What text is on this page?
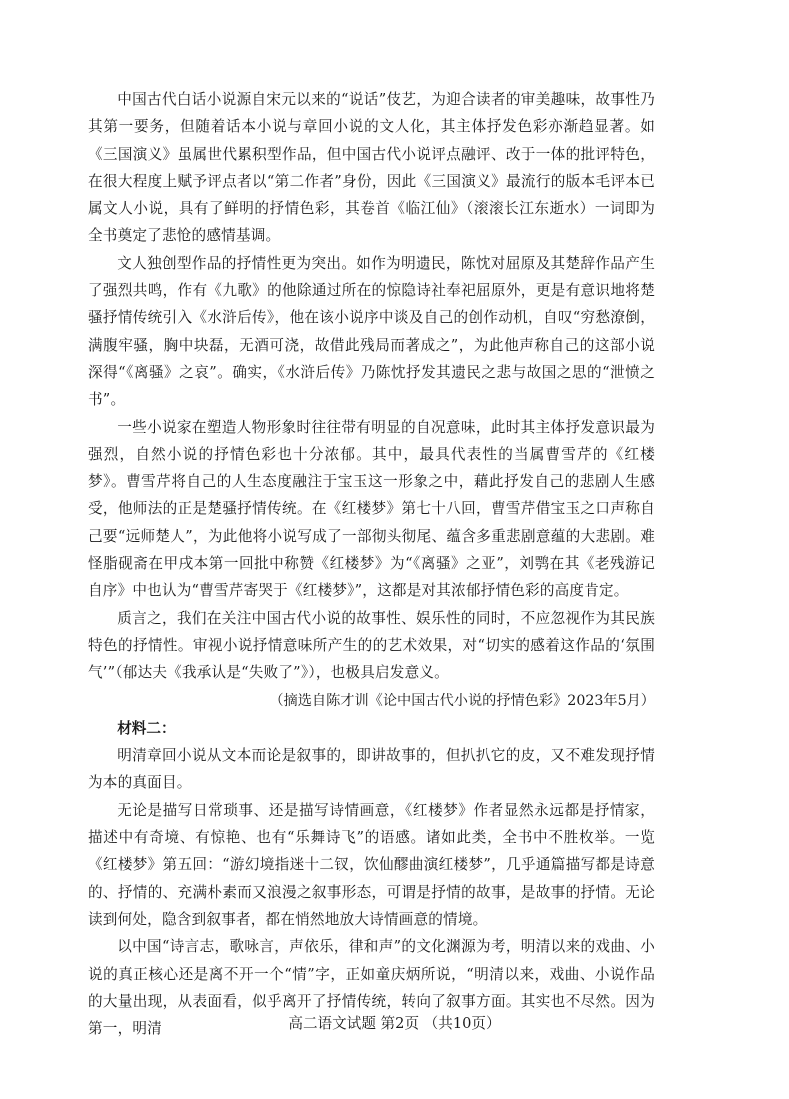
中国古代白话小说源自宋元以来的“说话”伎艺，为迎合读者的审美趣味，故事性乃其第一要务，但随着话本小说与章回小说的文人化，其主体抒发色彩亦渐趋显著。如《三国演义》虽属世代累积型作品，但中国古代小说评点融评、改于一体的批评特色，在很大程度上赋予评点者以“第二作者”身份，因此《三国演义》最流行的版本毛评本已属文人小说，具有了鲜明的抒情色彩，其卷首《临江仙》（滚滚长江东逝水）一词即为全书奠定了悲怆的感情基调。

文人独创型作品的抒情性更为突出。如作为明遗民，陈忱对屈原及其楚辞作品产生了强烈共鸣，作有《九歌》的他除通过所在的惊隐诗社奉祀屈原外，更是有意识地将楚骚抒情传统引入《水浒后传》，他在该小说序中谈及自己的创作动机，自叹“穷愁潦倒，满腹牢骚，胸中块磊，无酒可浇，故借此残局而著成之”，为此他声称自己的这部小说深得“《离骚》之哀”。确实，《水浒后传》乃陈忱抒发其遗民之悲与故国之思的“泄愤之书”。

一些小说家在塑造人物形象时往往带有明显的自况意味，此时其主体抒发意识最为强烈，自然小说的抒情色彩也十分浓郁。其中，最具代表性的当属曹雪芹的《红楼梦》。曹雪芹将自己的人生态度融注于宝玉这一形象之中，藉此抒发自己的悲剧人生感受，他师法的正是楚骚抒情传统。在《红楼梦》第七十八回，曹雪芹借宝玉之口声称自己要“远师楚人”，为此他将小说写成了一部彻头彻尾、蕴含多重悲剧意蕴的大悲剧。难怪脂砚斋在甲戌本第一回批中称赞《红楼梦》为“《离骚》之亚”，刘鹗在其《老残游记自序》中也认为“曹雪芹寄哭于《红楼梦》”，这都是对其浓郁抒情色彩的高度肯定。

质言之，我们在关注中国古代小说的故事性、娱乐性的同时，不应忽视作为其民族特色的抒情性。审视小说抒情意味所产生的的艺术效果，对“切实的感着这作品的‘氛围气’”（郁达夫《我承认是“失败了”》），也极具启发意义。

（摘选自陈才训《论中国古代小说的抒情色彩》2023年5月）

材料二：

明清章回小说从文本而论是叙事的，即讲故事的，但扒扒它的皮，又不难发现抒情为本的真面目。

无论是描写日常琐事、还是描写诗情画意，《红楼梦》作者显然永远都是抒情家，描述中有奇境、有惊艳、也有“乐舞诗飞”的语感。诸如此类，全书中不胜枚举。一览《红楼梦》第五回：“游幻境指迷十二钗，饮仙醪曲演红楼梦”，几乎通篇描写都是诗意的、抒情的、充满朴素而又浪漫之叙事形态，可谓是抒情的故事，是故事的抒情。无论读到何处，隐含到叙事者，都在悄然地放大诗情画意的情境。

以中国“诗言志，歌咏言，声依乐，律和声”的文化渊源为考，明清以来的戏曲、小说的真正核心还是离不开一个“情”字，正如童庆炳所说，“明清以来，戏曲、小说作品的大量出现，从表面看，似乎离开了抒情传统，转向了叙事方面。其实也不尽然。因为第一，明清	高二语文试题 第2页 （共10页）
